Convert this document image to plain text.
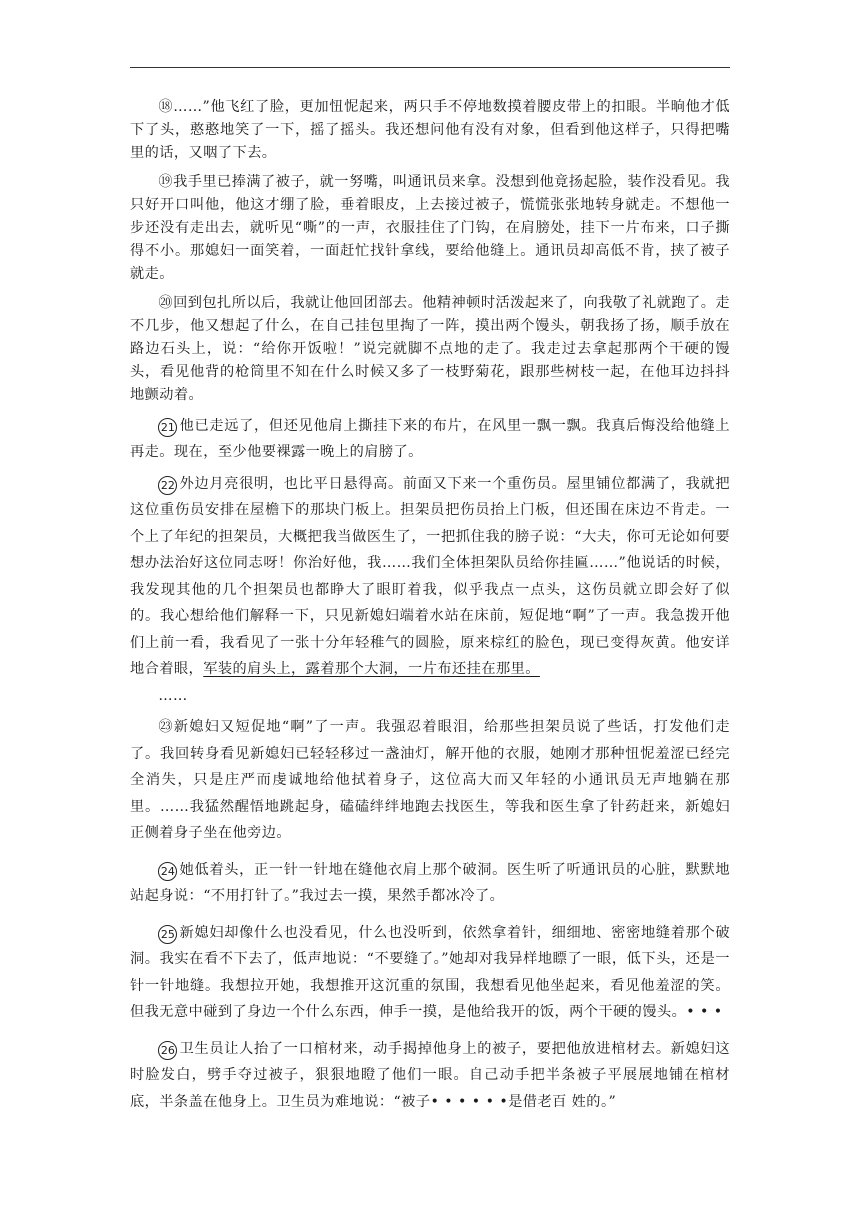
⑱……”他飞红了脸，更加忸怩起来，两只手不停地数摸着腰皮带上的扣眼。半晌他才低下了头，憨憨地笑了一下，摇了摇头。我还想问他有没有对象，但看到他这样子，只得把嘴里的话，又咽了下去。

⑲我手里已捧满了被子，就一努嘴，叫通讯员来拿。没想到他竟扬起脸，装作没看见。我只好开口叫他，他这才绷了脸，垂着眼皮，上去接过被子，慌慌张张地转身就走。不想他一步还没有走出去，就听见“嘶”的一声，衣服挂住了门钩，在肩膀处，挂下一片布来，口子撕得不小。那媳妇一面笑着，一面赶忙找针拿线，要给他缝上。通讯员却高低不肯，挟了被子就走。

⑳回到包扎所以后，我就让他回团部去。他精神顿时活泼起来了，向我敬了礼就跑了。走不几步，他又想起了什么，在自己挂包里掏了一阵，摸出两个馒头，朝我扬了扬，顺手放在路边石头上，说：“给你开饭啦！”说完就脚不点地的走了。我走过去拿起那两个干硬的馒头，看见他背的枪筒里不知在什么时候又多了一枝野菊花，跟那些树枝一起，在他耳边抖抖地颤动着。

21 他已走远了，但还见他肩上撕挂下来的布片，在风里一飘一飘。我真后悔没给他缝上再走。现在，至少他要裸露一晚上的肩膀了。

22 外边月亮很明，也比平日悬得高。前面又下来一个重伤员。屋里铺位都满了，我就把这位重伤员安排在屋檐下的那块门板上。担架员把伤员抬上门板，但还围在床边不肯走。一个上了年纪的担架员，大概把我当做医生了，一把抓住我的膀子说：“大夫，你可无论如何要想办法治好这位同志呀！你治好他，我……我们全体担架队员给你挂匾……”他说话的时候，我发现其他的几个担架员也都睁大了眼盯着我，似乎我点一点头，这伤员就立即会好了似的。我心想给他们解释一下，只见新媳妇端着水站在床前，短促地“啊”了一声。我急拨开他们上前一看，我看见了一张十分年轻稚气的圆脸，原来棕红的脸色，现已变得灰黄。他安详地合着眼，军装的肩头上，露着那个大洞，一片布还挂在那里。

……

㉓新媳妇又短促地“啊”了一声。我强忍着眼泪，给那些担架员说了些话，打发他们走了。我回转身看见新媳妇已轻轻移过一盏油灯，解开他的衣服，她刚才那种忸怩羞涩已经完全消失，只是庄严而虔诚地给他拭着身子，这位高大而又年轻的小通讯员无声地躺在那里。……我猛然醒悟地跳起身，磕磕绊绊地跑去找医生，等我和医生拿了针药赶来，新媳妇正侧着身子坐在他旁边。

24 她低着头，正一针一针地在缝他衣肩上那个破洞。医生听了听通讯员的心脏，默默地站起身说：“不用打针了。”我过去一摸，果然手都冰冷了。

25 新媳妇却像什么也没看见，什么也没听到，依然拿着针，细细地、密密地缝着那个破洞。我实在看不下去了，低声地说：“不要缝了。”她却对我异样地瞟了一眼，低下头，还是一针一针地缝。我想拉开她，我想推开这沉重的氛围，我想看见他坐起来，看见他羞涩的笑。但我无意中碰到了身边一个什么东西，伸手一摸，是他给我开的饭，两个干硬的馒头。• • •

26 卫生员让人抬了一口棺材来，动手揭掉他身上的被子，要把他放进棺材去。新媳妇这时脸发白，劈手夺过被子，狠狠地瞪了他们一眼。自己动手把半条被子平展展地铺在棺材底，半条盖在他身上。卫生员为难地说：“被子• • • • • •是借老百 姓的。”
